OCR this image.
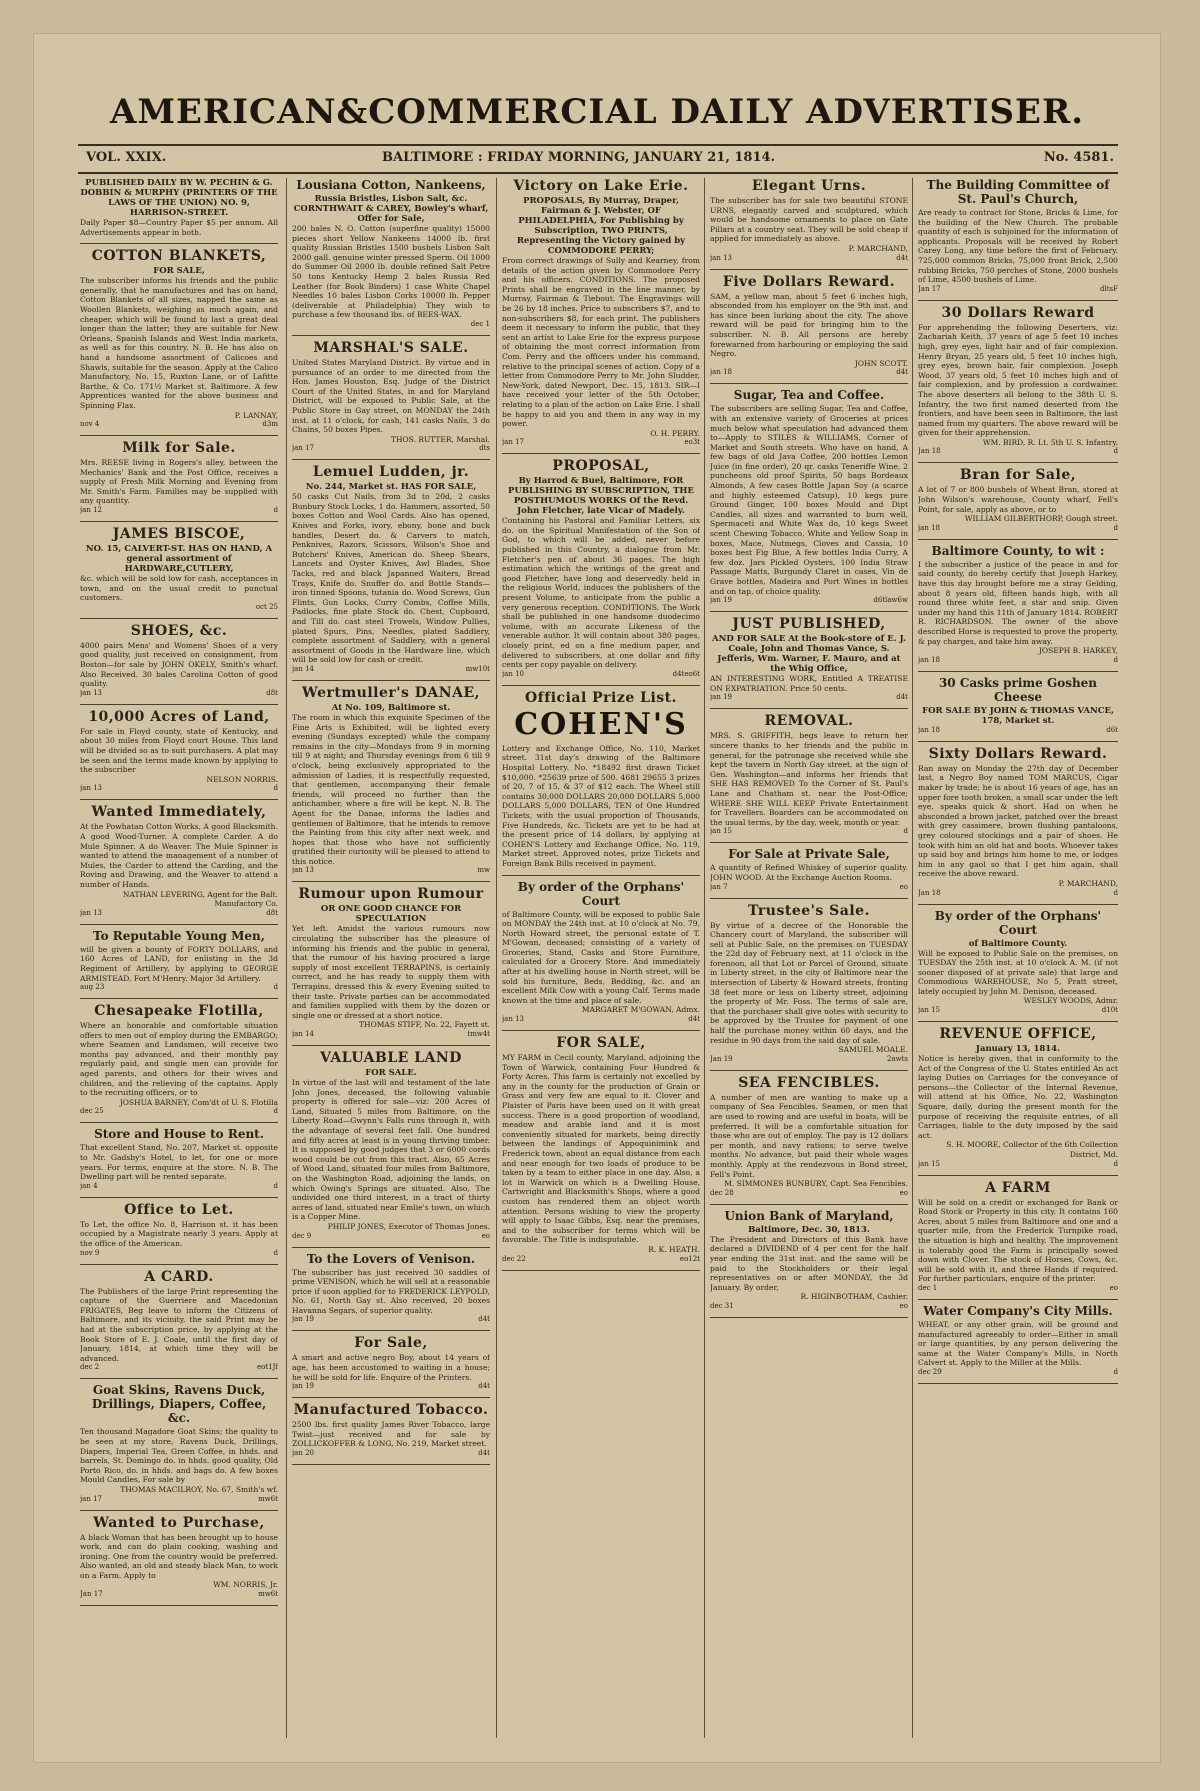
AMERICAN&COMMERCIAL DAILY ADVERTISER.
VOL. XXIX.	BALTIMORE : FRIDAY MORNING, JANUARY 21, 1814.	No. 4581.
PUBLISHED DAILY BY W. PECHIN & G. DOBBIN & MURPHY (PRINTERS OF THE LAWS OF THE UNION) NO. 9, HARRISON-STREET.
Daily Paper $8—Country Paper $5 per annum. All Advertisements appear in both.
COTTON BLANKETS,
FOR SALE,
The subscriber informs his friends and the public generally, that he manufactures and has on hand, Cotton Blankets of all sizes, napped the same as Woollen Blankets, weighing as much again, and cheaper, which will be found to last a great deal longer than the latter; they are suitable for New Orleans, Spanish Islands and West India markets, as well as for this country. N. B. He has also on hand a handsome assortment of Calicoes and Shawls, suitable for the season. Apply at the Calico Manufactory, No. 15, Ruxton Lane, or of Lafitte Barthe, & Co. 171½ Market st. Baltimore. A few Apprentices wanted for the above business and Spinning Flax.
P. LANNAY,
nov 4	d3m
Milk for Sale.
Mrs. REESE living in Rogers's alley, between the Mechanics' Bank and the Post Office, receives a supply of Fresh Milk Morning and Evening from Mr. Smith's Farm. Families may be supplied with any quantity.
jan 12	d
JAMES BISCOE,
NO. 15, CALVERT-ST. HAS ON HAND, A general assortment of HARDWARE,CUTLERY,
&c. which will be sold low for cash, acceptances in town, and on the usual credit to punctual customers.
oct 25
SHOES, &c.
4000 pairs Mens' and Womens' Shoes of a very good quality, just received on consignment, from Boston—for sale by JOHN OKELY, Smith's wharf. Also Received. 30 bales Carolina Cotton of good quality.
jan 13	d8t
10,000 Acres of Land,
For sale in Floyd county, state of Kentucky, and about 30 miles from Floyd court House. This land will be divided so as to suit purchasers. A plat may be seen and the terms made known by applying to the subscriber
NELSON NORRIS.
jan 13	d
Wanted Immediately,
At the Powhatan Cotton Works, A good Blacksmith. A good Wood-Turner. A complete Carder. A do Mule Spinner. A do Weaver. The Mule Spinner is wanted to attend the management of a number of Mules, the Carder to attend the Carding, and the Roving and Drawing, and the Weaver to attend a number of Hands.
NATHAN LEVERING, Agent for the Balt. Manufactory Co.
jan 13	d8t
To Reputable Young Men,
will be given a bounty of FORTY DOLLARS, and 160 Acres of LAND, for enlisting in the 3d Regiment of Artillery, by applying to GEORGE ARMISTEAD, Fort M'Henry. Major 3d Artillery.
aug 23	d
Chesapeake Flotilla,
Where an honorable and comfortable situation offers to men out of employ during the EMBARGO; where Seamen and Landsmen, will receive two months pay advanced, and their monthly pay regularly paid, and single men can provide for aged parents, and others for their wives and children, and the relieving of the captains. Apply to the recruiting officers, or to
JOSHUA BARNEY, Com'dt of U. S. Flotilla
dec 25	d
Store and House to Rent.
That excellent Stand, No. 207, Market st. opposite to Mr. Gadsby's Hotel, to let, for one or more years. For terms, enquire at the store. N. B. The Dwelling part will be rented separate.
jan 4	d
Office to Let.
To Let, the office No. 8, Harrison st. it has been occupied by a Magistrate nearly 3 years. Apply at the office of the American.
nov 9	d
A CARD.
The Publishers of the large Print representing the capture of the Guerriere and Macedonian FRIGATES, Beg leave to inform the Citizens of Baltimore, and its vicinity, the said Print may be had at the subscription price, by applying at the Book Store of E. J. Coale, until the first day of January, 1814, at which time they will be advanced.
dec 2	eot1Jf
Goat Skins, Ravens Duck, Drillings, Diapers, Coffee, &c.
Ten thousand Magadore Goat Skins; the quality to be seen at my store, Ravens Duck, Drillings, Diapers, Imperial Tea, Green Coffee, in hhds. and barrels, St. Domingo do. in hhds. good quality, Old Porto Rico, do. in hhds. and bags do. A few boxes Mould Candles, For sale by
THOMAS MACILROY, No. 67, Smith's wf.
jan 17	mw6t
Wanted to Purchase,
A black Woman that has been brought up to house work, and can do plain cooking, washing and ironing. One from the country would be preferred. Also wanted, an old and steady black Man, to work on a Farm. Apply to
WM. NORRIS, Jr.
Jan 17	mw6t
Lousiana Cotton, Nankeens,
Russia Bristles, Lisbon Salt, &c. CORNTHWAIT & CAREY, Bowley's wharf, Offer for Sale,
200 bales N. O. Cotton (superfine quality) 15000 pieces short Yellow Nankeens 14000 lb. first quality Russian Bristles 1500 bushels Lisbon Salt 2000 gall. genuine winter pressed Sperm. Oil 1000 do Summer Oil 2000 lb. double refined Salt Petre 50 tons Kentucky Hemp 2 bales Russia Red Leather (for Book Binders) 1 case White Chapel Needles 10 bales Lisbon Corks 10000 lb. Pepper (deliverable at Philadelphia) They wish to purchase a few thousand lbs. of BEES-WAX.
dec 1
MARSHAL'S SALE.
United States Maryland District. By virtue and in pursuance of an order to me directed from the Hon. James Houston, Esq. Judge of the District Court of the United States, in and for Maryland District, will be exposed to Public Sale, at the Public Store in Gay street, on MONDAY the 24th inst. at 11 o'clock, for cash, 141 casks Nails, 3 do Chains, 50 boxes Pipes.
THOS. RUTTER, Marshal.
jan 17	dts
Lemuel Ludden, jr.
No. 244, Market st. HAS FOR SALE,
50 casks Cut Nails, from 3d to 20d, 2 casks Bunbury Stock Locks, 1 do. Hammers, assorted, 50 boxes Cotton and Wool Cards. Also has opened, Knives and Forks, ivory, ebony, bone and buck handles, Desert do. & Carvers to match, Penknives, Razors, Scissors, Wilson's Shoe and Butchers' Knives, American do. Sheep Shears, Lancets and Oyster Knives, Awl Blades, Shoe Tacks, red and black Japanned Waiters, Bread Trays, Knife do. Snuffer do. and Bottle Stands—iron tinned Spoons, tutania do. Wood Screws, Gun Flints, Gun Locks, Curry Combs, Coffee Mills, Padlocks, fine plate Stock do. Chest, Cupboard, and Till do. cast steel Trowels, Window Pullies, plated Spurs, Pins, Needles, plated Saddlery, complete assortment of Saddlery, with a general assortment of Goods in the Hardware line, which will be sold low for cash or credit.
jan 14	mw10t
Wertmuller's DANAE,
At No. 109, Baltimore st.
The room in which this exquisite Specimen of the Fine Arts is Exhibited, will be lighted every evening (Sundays excepted) while the company remains in the city—Mondays from 9 in morning till 9 at night; and Thursday evenings from 6 till 9 o'clock, being exclusively appropriated to the admission of Ladies, it is respectfully requested, that gentlemen, accompanying their female friends, will proceed no further than the antichamber, where a fire will be kept. N. B. The Agent for the Danae, informs the ladies and gentlemen of Baltimore, that he intends to remove the Painting from this city after next week, and hopes that those who have not sufficiently gratified their curiosity will be pleased to attend to this notice.
jan 13	mw
Rumour upon Rumour
OR ONE GOOD CHANCE FOR SPECULATION
Yet left. Amidst the various rumours now circulating the subscriber has the pleasure of informing his friends and the public in general, that the rumour of his having procured a large supply of most excellent TERRAPINS, is certainly correct, and he has ready to supply them with Terrapins, dressed this & every Evening suited to their taste. Private parties can be accommodated and families supplied with them by the dozen or single one or dressed at a short notice.
THOMAS STIFF, No. 22, Fayett st.
jan 14	tmw4t
VALUABLE LAND
FOR SALE.
In virtue of the last will and testament of the late John Jones, deceased, the following valuable property is offered for sale—viz: 200 Acres of Land, Situated 5 miles from Baltimore, on the Liberty Road—Gwynn's Falls runs through it, with the advantage of several feet fall. One hundred and fifty acres at least is in young thriving timber. It is supposed by good judges that 3 or 6000 cords wood could be cut from this tract. Also, 65 Acres of Wood Land, situated four miles from Baltimore, on the Washington Road, adjoining the lands, on which Owing's Springs are situated. Also, The undivided one third interest, in a tract of thirty acres of land, situated near Emlie's town, on which is a Copper Mine.
PHILIP JONES, Executor of Thomas Jones.
dec 9	eo
To the Lovers of Venison.
The subscriber has just received 30 saddles of prime VENISON, which he will sell at a reasonable price if soon applied for to FREDERICK LEYPOLD, No. 61, North Gay st. Also received, 20 boxes Havanna Segars, of superior quality.
jan 19	d4t
For Sale,
A smart and active negro Boy, about 14 years of age, has been accustomed to waiting in a house; he will be sold for life. Enquire of the Printers.
jan 19	d4t
Manufactured Tobacco.
2500 lbs. first quality James River Tobacco, large Twist—just received and for sale by ZOLLICKOFFER & LONG, No. 219, Market street.
jan 20	d4t
Victory on Lake Erie.
PROPOSALS, By Murray, Draper, Fairman & J. Webster, OF PHILADELPHIA, For Publishing by Subscription, TWO PRINTS, Representing the Victory gained by COMMODORE PERRY;
From correct drawings of Sully and Kearney, from details of the action given by Commodore Perry and his officers. CONDITIONS. The proposed Prints shall be engraved in the line manner, by Murray, Fairman & Tiebout. The Engravings will be 26 by 18 inches. Price to subscribers $7, and to non-subscribers $8, for each print. The publishers deem it necessary to inform the public, that they sent an artist to Lake Erie for the express purpose of obtaining the most correct information from Com. Perry and the officers under his command, relative to the principal scenes of action. Copy of a letter from Commodore Perry to Mr. John Sludder, New-York, dated Newport, Dec. 15, 1813. SIR—I have received your letter of the 5th October, relating to a plan of the action on Lake Erie. I shall be happy to aid you and them in any way in my power.
O. H. PERRY.
jan 17	eo3t
PROPOSAL,
By Harrod & Buel, Baltimore, FOR PUBLISHING BY SUBSCRIPTION, THE POSTHUMOUS WORKS Of the Revd. John Fletcher, late Vicar of Madely.
Containing his Pastoral and Familiar Letters, six do. on the Spiritual Manifestation of the Son of God, to which will be added, never before published in this Country, a dialogue from Mr. Fletcher's pen of about 36 pages. The high estimation which the writings of the great and good Fletcher, have long and deservedly held in the religious World, induces the publishers of the present Volume, to anticipate from the public a very generous reception. CONDITIONS. The Work shall be published in one handsome duodecimo volume, with an accurate Likeness of the venerable author. It will contain about 380 pages, closely print, ed on a fine medium paper, and delivered to subscribers, at one dollar and fifty cents per copy payable on delivery.
jan 10	d4teo6t
Official Prize List.
COHEN'S
Lottery and Exchange Office, No. 110, Market street. 31st day's drawing of the Baltimore Hospital Lottery. No. *18492 first drawn Ticket $10,000. *25639 prize of 500. 4681 29655 3 prizes of 20, 7 of 15, & 37 of $12 each. The Wheel still contains 30,000 DOLLARS 20,000 DOLLARS 5,000 DOLLARS 5,000 DOLLARS, TEN of One Hundred Tickets, with the usual proportion of Thousands, Five Hundreds, &c. Tickets are yet to be had at the present price of 14 dollars, by applying at COHEN'S Lottery and Exchange Office, No. 119, Market street. Approved notes, prize Tickets and Foreign Bank Bills received in payment.
By order of the Orphans' Court
of Baltimore County, will be exposed to public Sale on MONDAY the 24th inst. at 10 o'clock at No. 79, North Howard street, the personal estate of T. M'Gowan, deceased; consisting of a variety of Groceries, Stand, Casks and Store Furniture, calculated for a Grocery Store. And immediately after at his dwelling house in North street, will be sold his furniture, Beds, Bedding, &c. and an excellent Milk Cow with a young Calf. Terms made known at the time and place of sale.
MARGARET M'GOWAN, Admx.
jan 13	d4t
FOR SALE,
MY FARM in Cecil county, Maryland, adjoining the Town of Warwick, containing Four Hundred & Forty Acres. This farm is certainly not excelled by any in the county for the production of Grain or Grass and very few are equal to it. Clover and Plaister of Paris have been used on it with great success. There is a good proportion of woodland, meadow and arable land and it is most conveniently situated for markets, being directly between the landings of Appoquinimink and Frederick town, about an equal distance from each and near enough for two loads of produce to be taken by a team to either place in one day. Also, a lot in Warwick on which is a Dwelling House, Cartwright and Blacksmith's Shops, where a good custom has rendered them an object worth attention. Persons wishing to view the property will apply to Isaac Gibbs, Esq. near the premises, and to the subscriber for terms which will be favorable. The Title is indisputable.
R. K. HEATH.
dec 22	eo12t
Elegant Urns.
The subscriber has for sale two beautiful STONE URNS, elegantly carved and sculptured, which would be handsome ornaments to place on Gate Pillars at a country seat. They will be sold cheap if applied for immediately as above.
P. MARCHAND,
jan 13	d4t
Five Dollars Reward.
SAM, a yellow man, about 5 feet 6 inches high, absconded from his employer on the 9th inst. and has since been lurking about the city. The above reward will be paid for bringing him to the subscriber. N. B. All persons are hereby forewarned from harbouring or employing the said Negro.
JOHN SCOTT.
jan 18	d4t
Sugar, Tea and Coffee.
The subscribers are selling Sugar, Tea and Coffee, with an extensive variety of Groceries at prices much below what speculation had advanced them to—Apply to STILES & WILLIAMS, Corner of Market and South streets. Who have on hand, A few bags of old Java Coffee, 200 bottles Lemon Juice (in fine order), 20 qr. casks Teneriffe Wine, 2 puncheons old proof Spirits, 50 bags Bordeaux Almonds, A few cases Bottle Japan Soy (a scarce and highly esteemed Catsup), 10 kegs pure Ground Ginger, 100 boxes Mould and Dipt Candles, all sizes and warranted to burn well, Spermaceti and White Wax do, 10 kegs Sweet scent Chewing Tobacco, White and Yellow Soap in boxes, Mace, Nutmegs, Cloves and Cassia, 10 boxes best Fig Blue, A few bottles India Curry, A few doz. Jars Pickled Oysters, 100 India Straw Passage Matts, Burgundy Claret in cases, Vin de Grave bottles, Madeira and Port Wines in bottles and on tap, of choice quality.
jan 19	d6tlaw6w
JUST PUBLISHED,
AND FOR SALE At the Book-store of E. J. Coale, John and Thomas Vance, S. Jefferis, Wm. Warner, F. Mauro, and at the Whig Office,
AN INTERESTING WORK, Entitled A TREATISE ON EXPATRIATION. Price 50 cents.
jan 19	d4t
REMOVAL.
MRS. S. GRIFFITH, begs leave to return her sincere thanks to her friends and the public in general, for the patronage she received while she kept the tavern in North Gay street, at the sign of Gen. Washington—and informs her friends that SHE HAS REMOVED To the Corner of St. Paul's Lane and Chatham st. near the Post-Office; WHERE SHE WILL KEEP Private Entertainment for Travellers. Boarders can be accommodated on the usual terms, by the day, week, month or year.
jan 15	d
For Sale at Private Sale,
A quantity of Refined Whiskey of superior quality. JOHN WOOD. At the Exchange Auction Rooms.
jan 7	eo
Trustee's Sale.
By virtue of a decree of the Honorable the Chancery court of Maryland, the subscriber will sell at Public Sale, on the premises on TUESDAY the 22d day of February next, at 11 o'clock in the forenoon, all that Lot or Parcel of Ground, situate in Liberty street, in the city of Baltimore near the intersection of Liberty & Howard streets, fronting 38 feet more or less on Liberty street, adjoining the property of Mr. Foss. The terms of sale are, that the purchaser shall give notes with security to be approved by the Trustee for payment of one half the purchase money within 60 days, and the residue in 90 days from the said day of sale.
SAMUEL MOALE.
Jan 19	2awts
SEA FENCIBLES.
A number of men are wanting to make up a company of Sea Fencibles. Seamen, or men that are used to rowing and are useful in boats, will be preferred. It will be a comfortable situation for those who are out of employ. The pay is 12 dollars per month, and navy rations; to serve twelve months. No advance, but paid their whole wages monthly. Apply at the rendezvous in Bond street, Fell's Point.
M. SIMMONES BUNBURY, Capt. Sea Fencibles.
dec 28	eo
Union Bank of Maryland,
Baltimore, Dec. 30, 1813.
The President and Directors of this Bank have declared a DIVIDEND of 4 per cent for the half year ending the 31st inst. and the same will be paid to the Stockholders or their legal representatives on or after MONDAY, the 3d January. By order,
R. HIGINBOTHAM, Cashier.
dec 31	eo
The Building Committee of St. Paul's Church,
Are ready to contract for Stone, Bricks & Lime, for the building of the New Church. The probable quantity of each is subjoined for the information of applicants. Proposals will be received by Robert Carey Long, any time before the first of February. 725,000 common Bricks, 75,000 front Brick, 2,500 rubbing Bricks, 750 perches of Stone, 2000 bushels of Lime, 4500 bushels of Lime.
Jan 17	dltsF
30 Dollars Reward
For apprehending the following Deserters, viz: Zachariah Keith, 37 years of age 5 feet 10 inches high, grey eyes, light hair and of fair complexion. Henry Bryan, 25 years old, 5 feet 10 inches high, grey eyes, brown hair, fair complexion. Joseph Wood, 37 years old, 5 feet 10 inches high and of fair complexion, and by profession a cordwainer. The above deserters all belong to the 38th U. S. Infantry, the two first named deserted from the frontiers, and have been seen in Baltimore, the last named from my quarters. The above reward will be given for their apprehension.
WM. BIRD, R. Lt. 5th U. S. Infantry.
Jan 18	d
Bran for Sale,
A lot of 7 or 800 bushels of Wheat Bran, stored at John Wilson's warehouse, County wharf, Fell's Point, for sale, apply as above, or to
WILLIAM GILBERTHORP, Gough street.
jan 18	d
Baltimore County, to wit :
I the subscriber a justice of the peace in and for said county, do hereby certify that Joseph Harkey, have this day brought before me a stray Gelding, about 8 years old, fifteen hands high, with all round three white feet, a star and snip. Given under my hand this 11th of January 1814. ROBERT R. RICHARDSON. The owner of the above described Horse is requested to prove the property, & pay charges, and take him away.
JOSEPH B. HARKEY,
jan 18	d
30 Casks prime Goshen Cheese
FOR SALE BY JOHN & THOMAS VANCE, 178, Market st.
jan 18	d6t
Sixty Dollars Reward.
Ran away on Monday the 27th day of December last, a Negro Boy named TOM MARCUS, Cigar maker by trade; he is about 16 years of age, has an upper fore tooth broken, a small scar under the left eye, speaks quick & short. Had on when he absconded a brown jacket, patched over the breast with grey cassimere, brown flushing pantaloons, grey coloured stockings and a pair of shoes. He took with him an old hat and boots. Whoever takes up said boy and brings him home to me, or lodges him in any gaol so that I get him again, shall receive the above reward.
P. MARCHAND,
Jan 18	d
By order of the Orphans' Court
of Baltimore County.
Will be exposed to Public Sale on the premises, on TUESDAY the 25th inst. at 10 o'clock A. M. (if not sooner disposed of at private sale) that large and Commodious WAREHOUSE, No 5, Pratt street, lately occupied by John M. Denison, deceased.
WESLEY WOODS, Admr.
jan 15	d10t
REVENUE OFFICE,
January 13, 1814.
Notice is hereby given, that in conformity to the Act of the Congress of the U. States entitled An act laying Duties on Carriages for the conveyance of persons—the Collector of the Internal Revenue, will attend at his Office, No. 22, Washington Square, daily, during the present month for the purpose of receiving the requisite entries, of all Carriages, liable to the duty imposed by the said act.
S. H. MOORE, Collector of the 6th Collection District, Md.
jan 15	d
A FARM
Will be sold on a credit or exchanged for Bank or Road Stock or Property in this city. It contains 160 Acres, about 5 miles from Baltimore and one and a quarter mile, from the Frederick Turnpike road, the situation is high and healthy. The improvement is tolerably good the Farm is principally sowed down with Clover. The stock of Horses, Cows, &c. will be sold with it, and three Hands if required. For further particulars, enquire of the printer.
dec 1	eo
Water Company's City Mills.
WHEAT, or any other grain, will be ground and manufactured agreeably to order—Either in small or large quantities, by any person delivering the same at the Water Company's Mills, in North Calvert st. Apply to the Miller at the Mills.
dec 29	d
